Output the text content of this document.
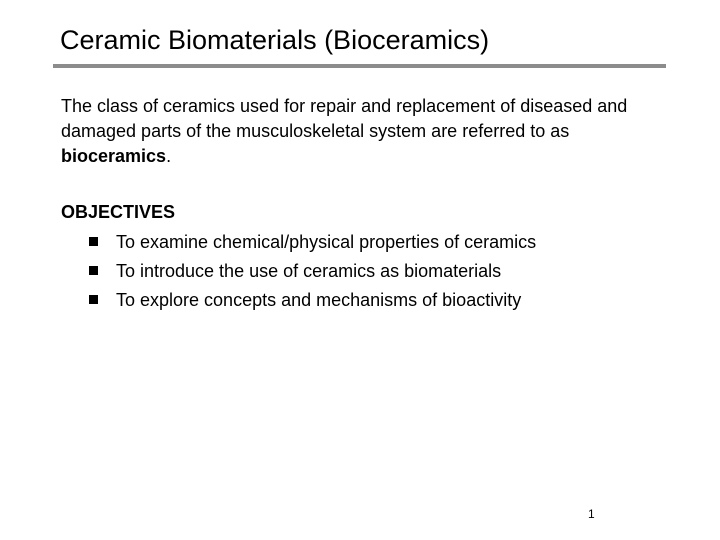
Ceramic Biomaterials (Bioceramics)
The class of ceramics used for repair and replacement of diseased and damaged parts of the musculoskeletal system are referred to as bioceramics.
OBJECTIVES
To examine chemical/physical properties of ceramics
To introduce the use of ceramics as biomaterials
To explore concepts and mechanisms of bioactivity
1
